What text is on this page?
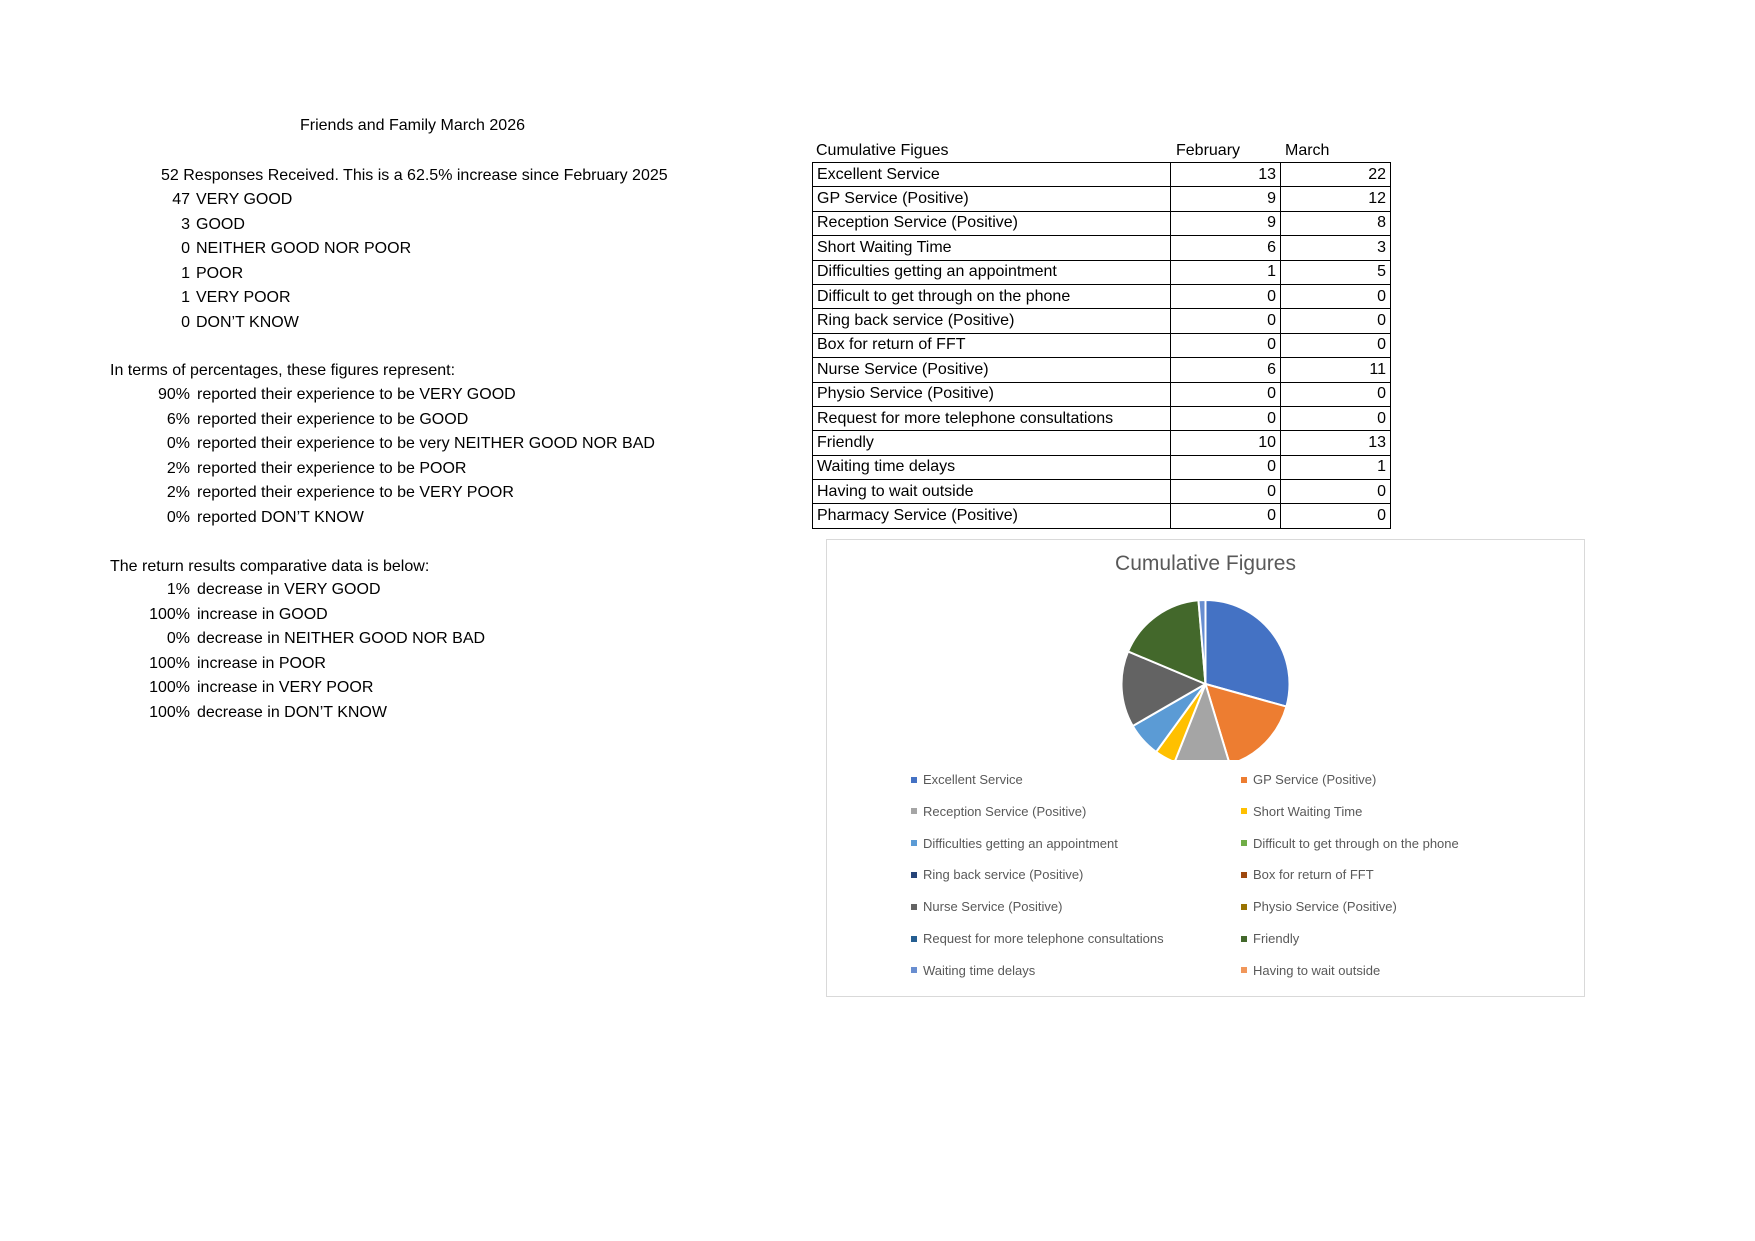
Friends and Family March 2026
52 Responses Received. This is a 62.5% increase since February 2025
47 VERY GOOD
3 GOOD
0 NEITHER GOOD NOR POOR
1 POOR
1 VERY POOR
0 DON’T KNOW
In terms of percentages, these figures represent:
90% reported their experience to be VERY GOOD
6% reported their experience to be GOOD
0% reported their experience to be very NEITHER GOOD NOR BAD
2% reported their experience to be POOR
2% reported their experience to be VERY POOR
0% reported DON’T KNOW
The return results comparative data is below:
1% decrease in VERY GOOD
100% increase in GOOD
0% decrease in NEITHER GOOD NOR BAD
100% increase in POOR
100% increase in VERY POOR
100% decrease in DON’T KNOW
Cumulative Figues	February	March
Excellent Service	13	22
GP Service (Positive)	9	12
Reception Service (Positive)	9	8
Short Waiting Time	6	3
Difficulties getting an appointment	1	5
Difficult to get through on the phone	0	0
Ring back service (Positive)	0	0
Box for return of FFT	0	0
Nurse Service (Positive)	6	11
Physio Service (Positive)	0	0
Request for more telephone consultations	0	0
Friendly	10	13
Waiting time delays	0	1
Having to wait outside	0	0
Pharmacy Service (Positive)	0	0
Cumulative Figures
Excellent Service	GP Service (Positive)
Reception Service (Positive)	Short Waiting Time
Difficulties getting an appointment	Difficult to get through on the phone
Ring back service (Positive)	Box for return of FFT
Nurse Service (Positive)	Physio Service (Positive)
Request for more telephone consultations	Friendly
Waiting time delays	Having to wait outside
